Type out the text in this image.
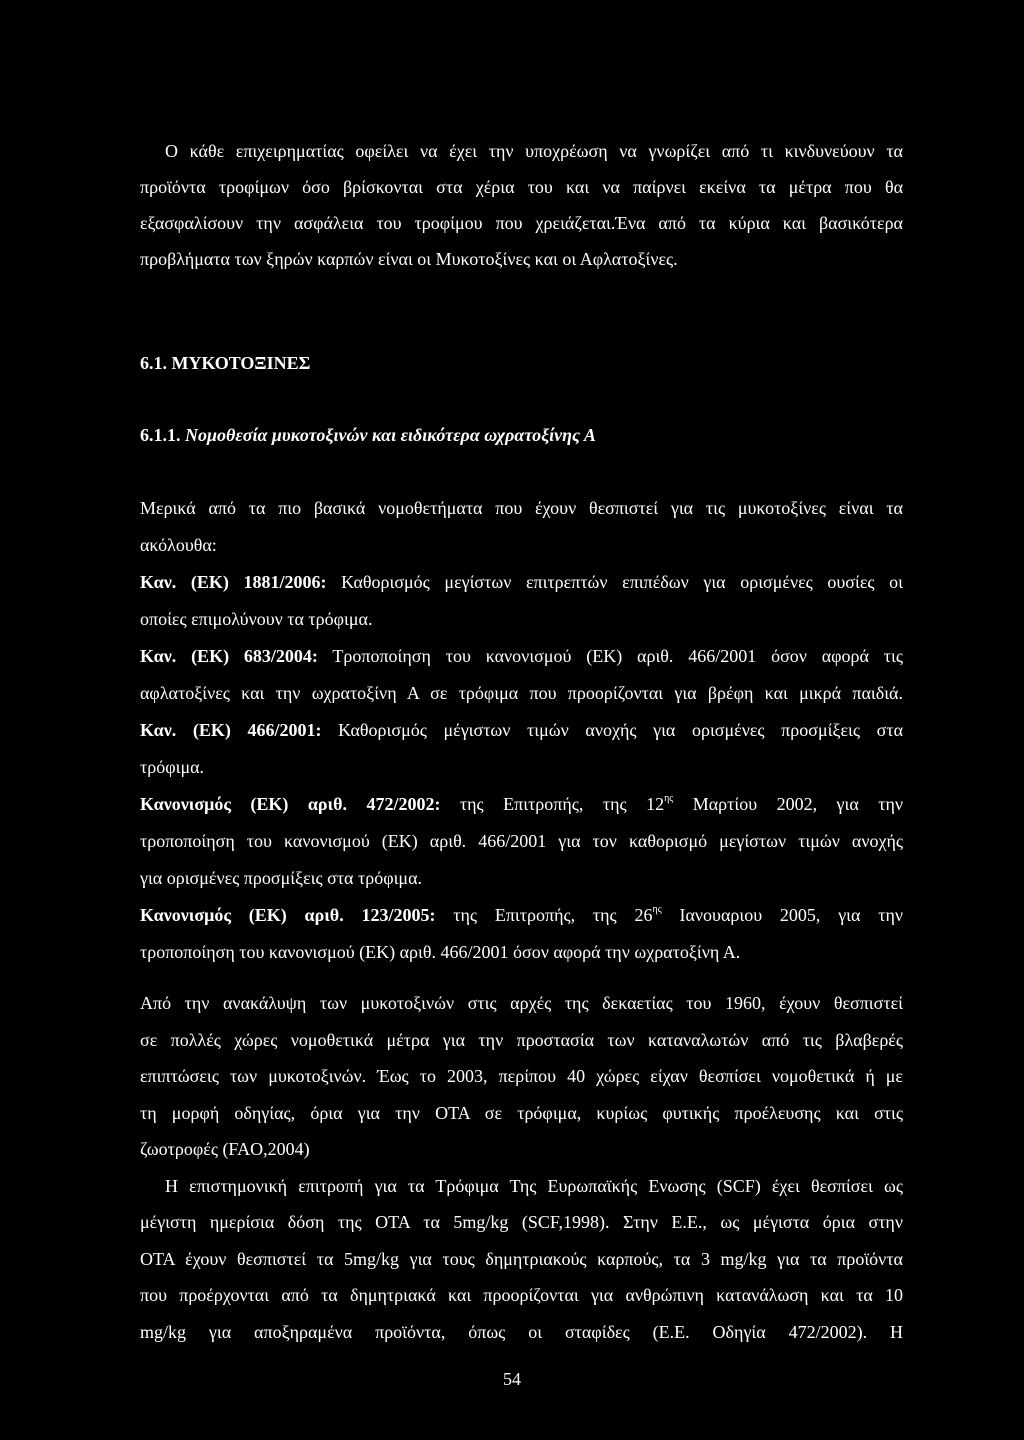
Ο κάθε επιχειρηματίας οφείλει να έχει την υποχρέωση να γνωρίζει από τι κινδυνεύουν τα

προϊόντα τροφίμων όσο βρίσκονται στα χέρια του και να παίρνει εκείνα τα μέτρα που θα

εξασφαλίσουν την ασφάλεια του τροφίμου που χρειάζεται.Ένα από τα κύρια και βασικότερα

προβλήματα των ξηρών καρπών είναι οι Μυκοτοξίνες και οι Αφλατοξίνες.

6.1. ΜΥΚΟΤΟΞΙΝΕΣ

6.1.1. Νομοθεσία μυκοτοξινών και ειδικότερα ωχρατοξίνης Α

Μερικά από τα πιο βασικά νομοθετήματα που έχουν θεσπιστεί για τις μυκοτοξίνες είναι τα

ακόλουθα:

Καν. (ΕΚ) 1881/2006: Καθορισμός μεγίστων επιτρεπτών επιπέδων για ορισμένες ουσίες οι

οποίες επιμολύνουν τα τρόφιμα.

Καν. (ΕΚ) 683/2004: Τροποποίηση του κανονισμού (ΕΚ) αριθ. 466/2001 όσον αφορά τις

αφλατοξίνες και την ωχρατοξίνη Α σε τρόφιμα που προορίζονται για βρέφη και μικρά παιδιά.

Καν. (ΕΚ) 466/2001: Καθορισμός μέγιστων τιμών ανοχής για ορισμένες προσμίξεις στα

τρόφιμα.

Κανονισμός (ΕΚ) αριθ. 472/2002: της Επιτροπής, της $12^{\eta\varsigma}$ Μαρτίου 2002, για την

τροποποίηση του κανονισμού (ΕΚ) αριθ. 466/2001 για τον καθορισμό μεγίστων τιμών ανοχής

για ορισμένες προσμίξεις στα τρόφιμα.

Κανονισμός (ΕΚ) αριθ. 123/2005: της Επιτροπής, της $26^{\eta\varsigma}$ Ιανουαριου 2005, για την

τροποποίηση του κανονισμού (ΕΚ) αριθ. 466/2001 όσον αφορά την ωχρατοξίνη Α.

Από την ανακάλυψη των μυκοτοξινών στις αρχές της δεκαετίας του 1960, έχουν θεσπιστεί

σε πολλές χώρες νομοθετικά μέτρα για την προστασία των καταναλωτών από τις βλαβερές

επιπτώσεις των μυκοτοξινών. Έως το 2003, περίπου 40 χώρες είχαν θεσπίσει νομοθετικά ή με

τη μορφή οδηγίας, όρια για την ΟΤΑ σε τρόφιμα, κυρίως φυτικής προέλευσης και στις

ζωοτροφές (FAO,2004)

Η επιστημονική επιτροπή για τα Τρόφιμα Της Ευρωπαϊκής Ενωσης (SCF) έχει θεσπίσει ως

μέγιστη ημερίσια δόση της ΟΤΑ τα 5mg/kg (SCF,1998). Στην Ε.Ε., ως μέγιστα όρια στην

ΟΤΑ έχουν θεσπιστεί τα 5mg/kg για τους δημητριακούς καρπούς, τα 3 mg/kg για τα προϊόντα

που προέρχονται από τα δημητριακά και προορίζονται για ανθρώπινη κατανάλωση και τα 10

mg/kg για αποξηραμένα προϊόντα, όπως οι σταφίδες (Ε.Ε. Οδηγία 472/2002). Η

54
